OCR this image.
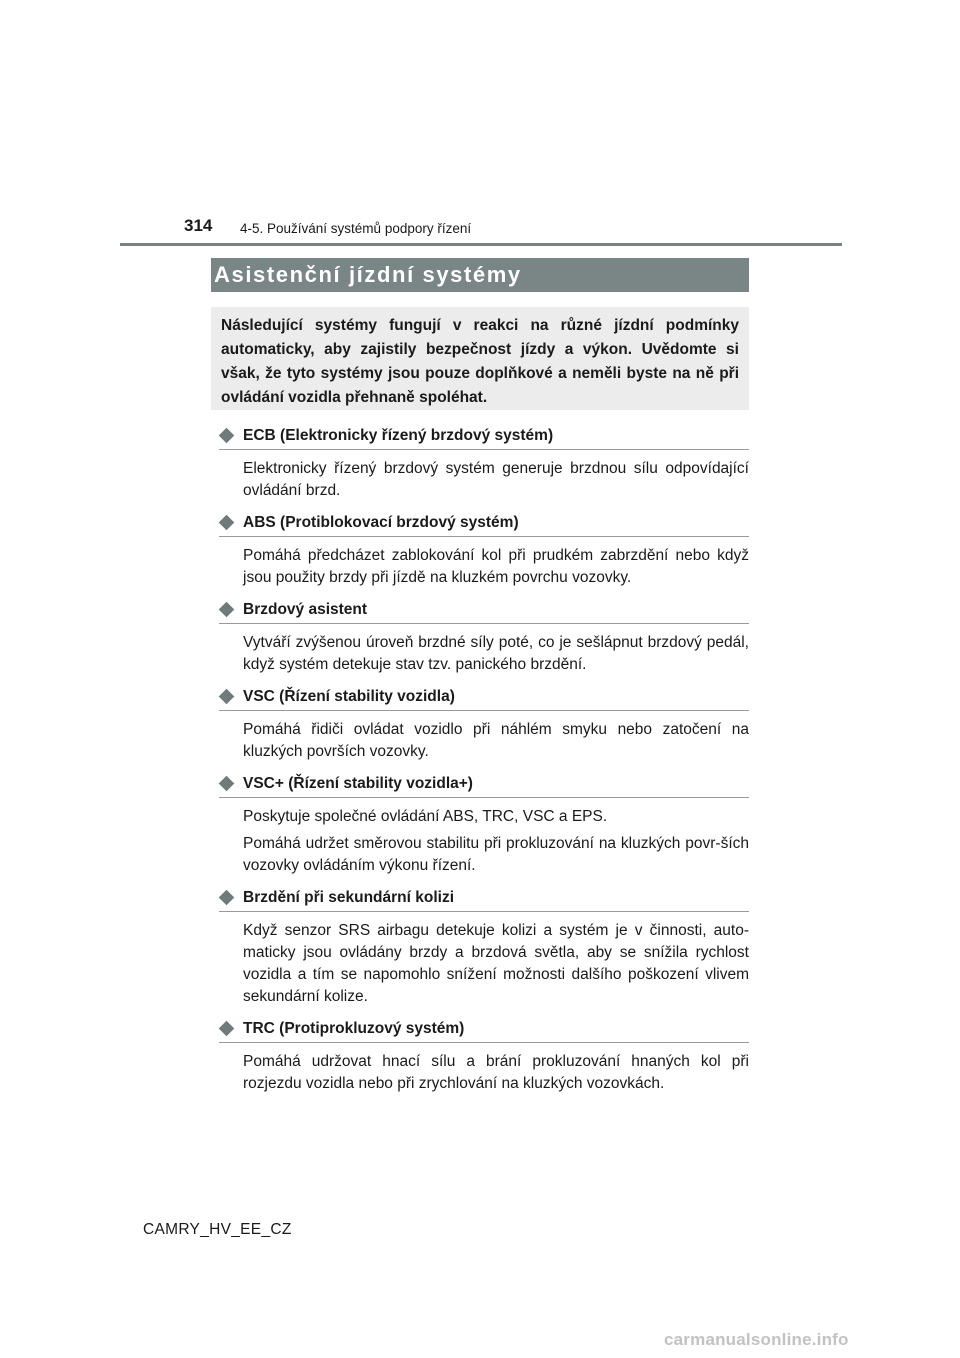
314 4-5. Používání systémů podpory řízení
Asistenční jízdní systémy

Následující systémy fungují v reakci na různé jízdní podmínky automaticky, aby zajistily bezpečnost jízdy a výkon. Uvědomte si však, že tyto systémy jsou pouze doplňkové a neměli byste na ně při ovládání vozidla přehnaně spoléhat.

ECB (Elektronicky řízený brzdový systém)

Elektronicky řízený brzdový systém generuje brzdnou sílu odpovídající ovládání brzd.

ABS (Protiblokovací brzdový systém)

Pomáhá předcházet zablokování kol při prudkém zabrzdění nebo když jsou použity brzdy při jízdě na kluzkém povrchu vozovky.

Brzdový asistent

Vytváří zvýšenou úroveň brzdné síly poté, co je sešlápnut brzdový pedál, když systém detekuje stav tzv. panického brzdění.

VSC (Řízení stability vozidla)

Pomáhá řidiči ovládat vozidlo při náhlém smyku nebo zatočení na kluzkých površích vozovky.

VSC+ (Řízení stability vozidla+)

Poskytuje společné ovládání ABS, TRC, VSC a EPS.

Pomáhá udržet směrovou stabilitu při prokluzování na kluzkých povr-ších vozovky ovládáním výkonu řízení.

Brzdění při sekundární kolizi

Když senzor SRS airbagu detekuje kolizi a systém je v činnosti, auto-maticky jsou ovládány brzdy a brzdová světla, aby se snížila rychlost vozidla a tím se napomohlo snížení možnosti dalšího poškození vlivem sekundární kolize.

TRC (Protiprokluzový systém)

Pomáhá udržovat hnací sílu a brání prokluzování hnaných kol při rozjezdu vozidla nebo při zrychlování na kluzkých vozovkách.

CAMRY_HV_EE_CZ
carmanualsonline.info
